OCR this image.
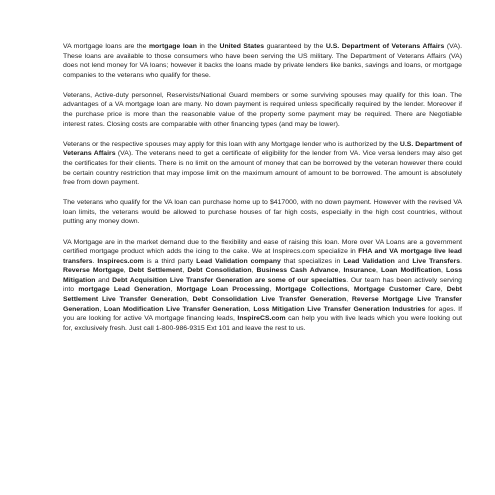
VA mortgage loans are the mortgage loan in the United States guaranteed by the U.S. Department of Veterans Affairs (VA). These loans are available to those consumers who have been serving the US military. The Department of Veterans Affairs (VA) does not lend money for VA loans; however it backs the loans made by private lenders like banks, savings and loans, or mortgage companies to the veterans who qualify for these.

Veterans, Active-duty personnel, Reservists/National Guard members or some surviving spouses may qualify for this loan. The advantages of a VA mortgage loan are many. No down payment is required unless specifically required by the lender. Moreover if the purchase price is more than the reasonable value of the property some payment may be required. There are Negotiable interest rates. Closing costs are comparable with other financing types (and may be lower).

Veterans or the respective spouses may apply for this loan with any Mortgage lender who is authorized by the U.S. Department of Veterans Affairs (VA). The veterans need to get a certificate of eligibility for the lender from VA. Vice versa lenders may also get the certificates for their clients. There is no limit on the amount of money that can be borrowed by the veteran however there could be certain country restriction that may impose limit on the maximum amount of amount to be borrowed. The amount is absolutely free from down payment.

The veterans who qualify for the VA loan can purchase home up to $417000, with no down payment. However with the revised VA loan limits, the veterans would be allowed to purchase houses of far high costs, especially in the high cost countries, without putting any money down.

VA Mortgage are in the market demand due to the flexibility and ease of raising this loan. More over VA Loans are a government certified mortgage product which adds the icing to the cake. We at Inspirecs.com specialize in FHA and VA mortgage live lead transfers. Inspirecs.com is a third party Lead Validation company that specializes in Lead Validation and Live Transfers. Reverse Mortgage, Debt Settlement, Debt Consolidation, Business Cash Advance, Insurance, Loan Modification, Loss Mitigation and Debt Acquisition Live Transfer Generation are some of our specialties. Our team has been actively serving into mortgage Lead Generation, Mortgage Loan Processing, Mortgage Collections, Mortgage Customer Care, Debt Settlement Live Transfer Generation, Debt Consolidation Live Transfer Generation, Reverse Mortgage Live Transfer Generation, Loan Modification Live Transfer Generation, Loss Mitigation Live Transfer Generation Industries for ages. If you are looking for active VA mortgage financing leads, InspireCS.com can help you with live leads which you were looking out for, exclusively fresh. Just call 1-800-986-9315 Ext 101 and leave the rest to us.
